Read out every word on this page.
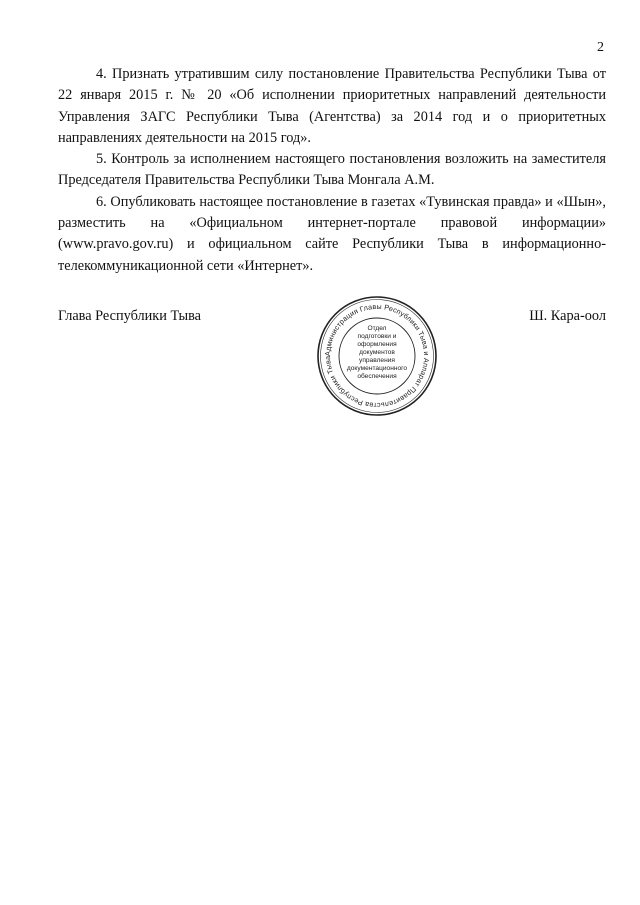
2

4. Признать утратившим силу постановление Правительства Республики Тыва от 22 января 2015 г. № 20 «Об исполнении приоритетных направлений деятельности Управления ЗАГС Республики Тыва (Агентства) за 2014 год и о приоритетных направлениях деятельности на 2015 год».

5. Контроль за исполнением настоящего постановления возложить на заместителя Председателя Правительства Республики Тыва Монгала А.М.

6. Опубликовать настоящее постановление в газетах «Тувинская правда» и «Шын», разместить на «Официальном интернет-портале правовой информации» (www.pravo.gov.ru) и официальном сайте Республики Тыва в информационно-телекоммуникационной сети «Интернет».

Глава Республики Тыва
Администрация Главы Республики Тыва и Аппарат Правительства Республики Тыва
Отдел
подготовки и
оформления документов
управления
документационного
обеспечения
Ш. Кара-оол
